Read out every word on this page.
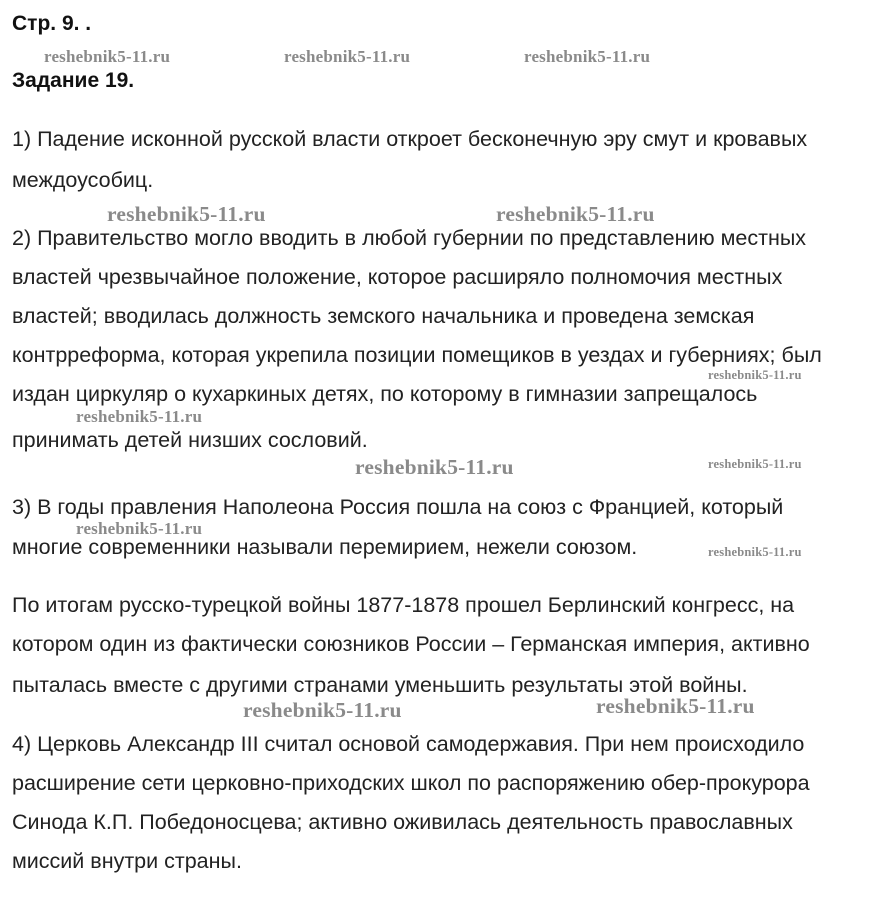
reshebnik5-11.ru	reshebnik5-11.ru	reshebnik5-11.ru
reshebnik5-11.ru	reshebnik5-11.ru
reshebnik5-11.ru
reshebnik5-11.ru
reshebnik5-11.ru	reshebnik5-11.ru
reshebnik5-11.ru
reshebnik5-11.ru
reshebnik5-11.ru	reshebnik5-11.ru
Стр. 9. .
Задание 19.
1) Падение исконной русской власти откроет бесконечную эру смут и кровавых
междоусобиц.
2) Правительство могло вводить в любой губернии по представлению местных
властей чрезвычайное положение, которое расширяло полномочия местных
властей; вводилась должность земского начальника и проведена земская
контрреформа, которая укрепила позиции помещиков в уездах и губерниях; был
издан циркуляр о кухаркиных детях, по которому в гимназии запрещалось
принимать детей низших сословий.
3) В годы правления Наполеона Россия пошла на союз с Францией, который
многие современники называли перемирием, нежели союзом.
По итогам русско-турецкой войны 1877-1878 прошел Берлинский конгресс, на
котором один из фактически союзников России – Германская империя, активно
пыталась вместе с другими странами уменьшить результаты этой войны.
4) Церковь Александр III считал основой самодержавия. При нем происходило
расширение сети церковно-приходских школ по распоряжению обер-прокурора
Синода К.П. Победоносцева; активно оживилась деятельность православных
миссий внутри страны.
